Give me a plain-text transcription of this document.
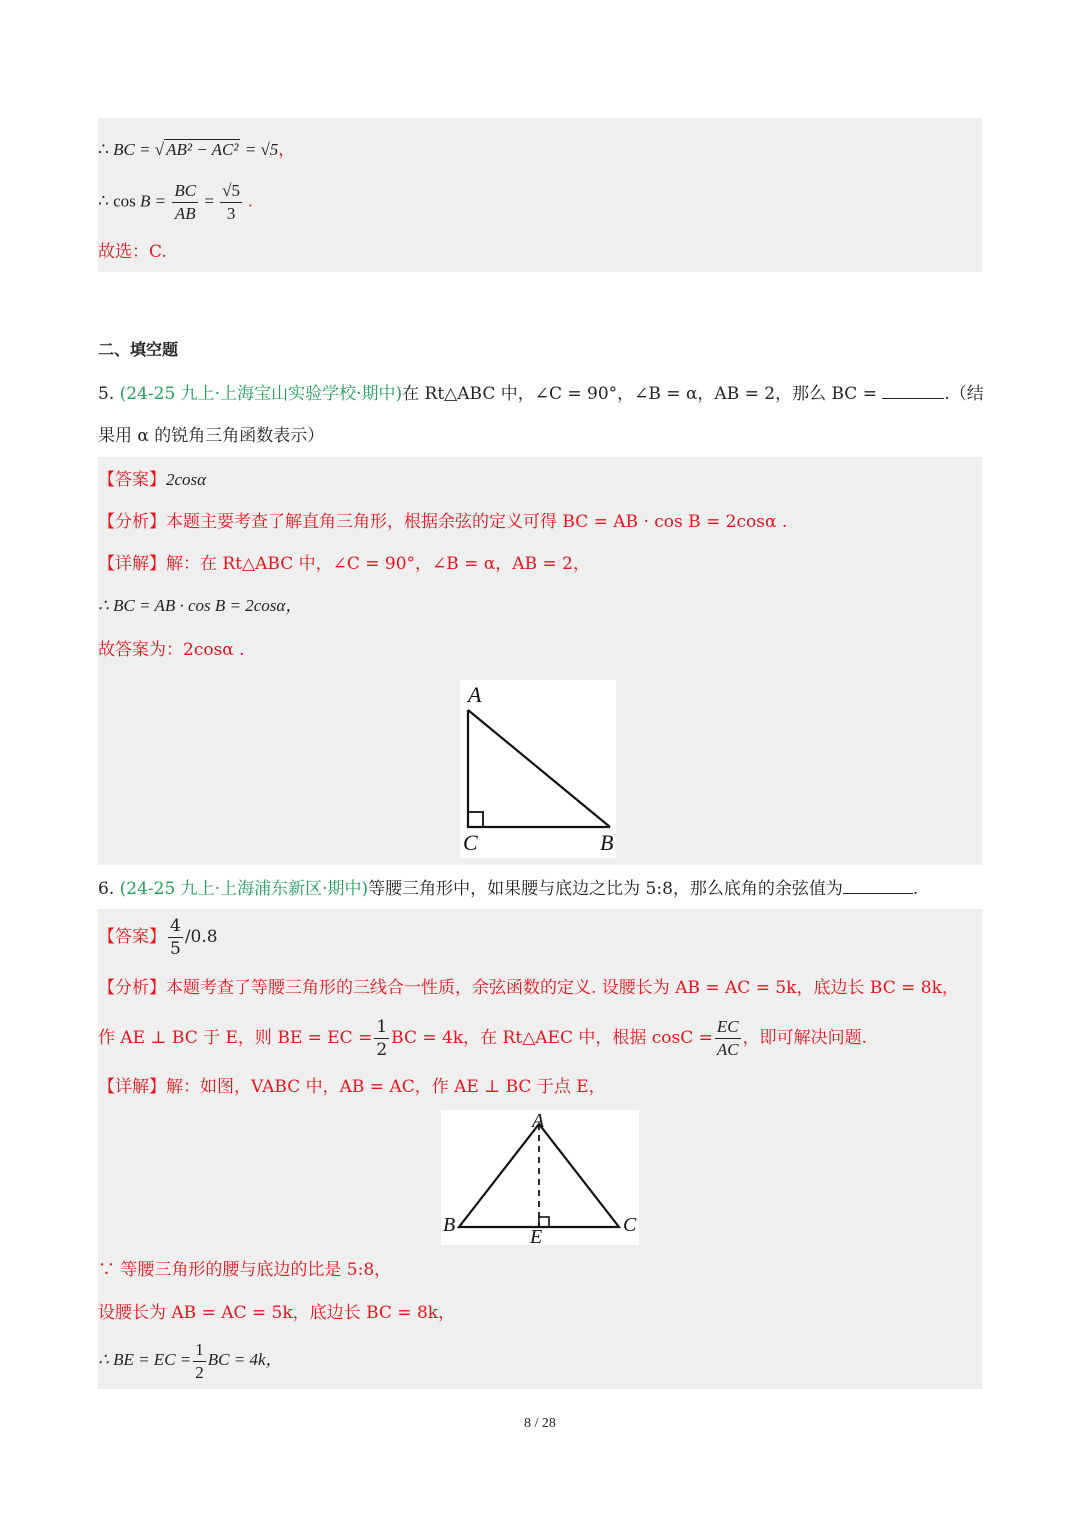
∴ BC = √ AB² − AC² = √5，
∴ $\cos B = \frac{BC}{AB} = \frac{√5}{3}$ .
故选：C.
二、填空题
5. (24-25 九上·上海宝山实验学校·期中)在 Rt△ABC 中，∠C = 90°，∠B = α，AB = 2，那么 BC =	.（结
果用 α 的锐角三角函数表示）
【答案】2cosα
【分析】本题主要考查了解直角三角形，根据余弦的定义可得 BC = AB · cos B = 2cosα .
【详解】解：在 Rt△ABC 中，∠C = 90°，∠B = α，AB = 2，
∴ BC = AB · cos B = 2cosα，
故答案为：2cosα .
A
C	B
6. (24-25 九上·上海浦东新区·期中)等腰三角形中，如果腰与底边之比为 5:8，那么底角的余弦值为	.
【答案】 $\frac{4}{5} /0.8$
【分析】本题考查了等腰三角形的三线合一性质，余弦函数的定义. 设腰长为 AB = AC = 5k，底边长 BC = 8k，
作 AE ⊥ BC 于 E，则 BE = EC = $\frac{1}{2}$ BC = 4k，在 Rt△AEC 中，根据 $\cos C = \frac{EC}{AC}$ ，即可解决问题.
【详解】解：如图，VABC 中，AB = AC，作 AE ⊥ BC 于点 E，
A
B	C
E
∵ 等腰三角形的腰与底边的比是 5:8，
设腰长为 AB = AC = 5k，底边长 BC = 8k，
∴ BE = EC = $\frac{1}{2}$ BC = 4k，
8 / 28
